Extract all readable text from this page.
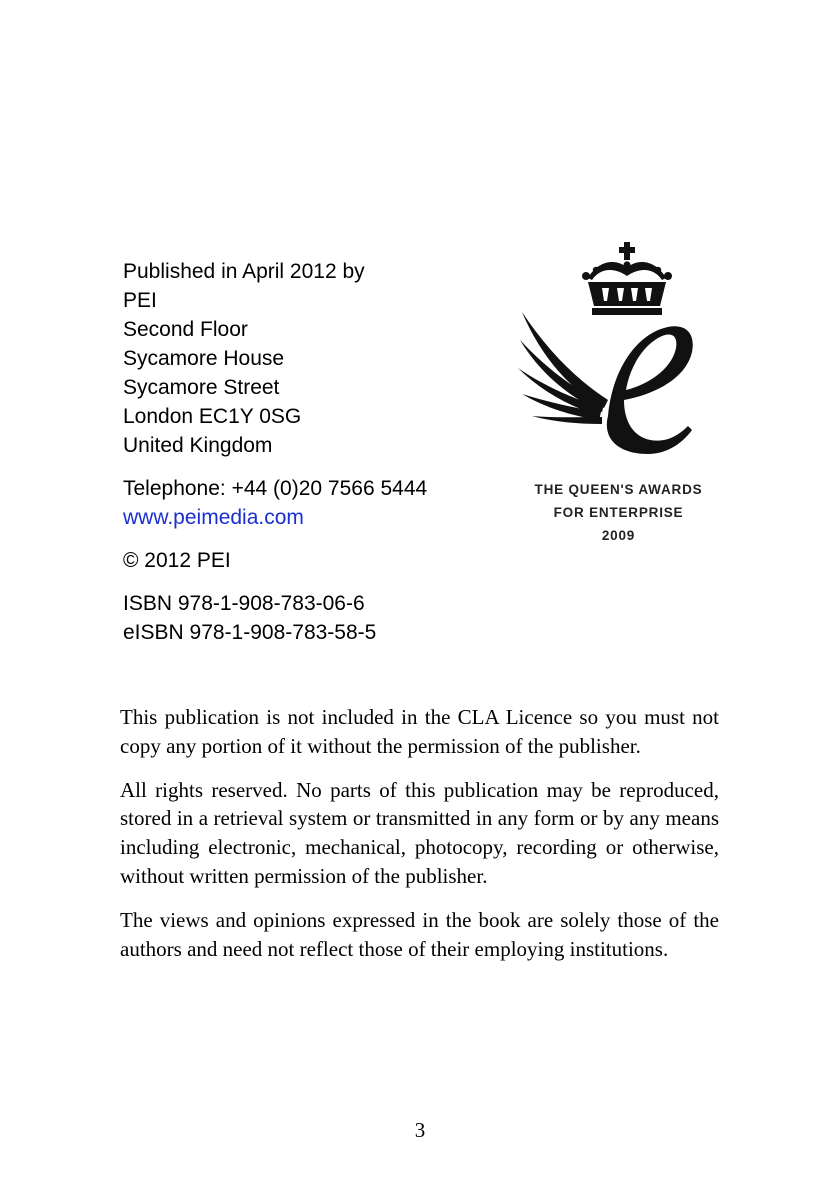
Published in April 2012 by
PEI
Second Floor
Sycamore House
Sycamore Street
London EC1Y 0SG
United Kingdom
Telephone: +44 (0)20 7566 5444
www.peimedia.com
© 2012 PEI
ISBN 978-1-908-783-06-6
eISBN 978-1-908-783-58-5
THE QUEEN'S AWARDS
FOR ENTERPRISE
2009

This publication is not included in the CLA Licence so you must not copy any portion of it without the permission of the publisher.

All rights reserved. No parts of this publication may be reproduced, stored in a retrieval system or transmitted in any form or by any means including electronic, mechanical, photocopy, recording or otherwise, without written permission of the publisher.

The views and opinions expressed in the book are solely those of the authors and need not reflect those of their employing institutions.

3
